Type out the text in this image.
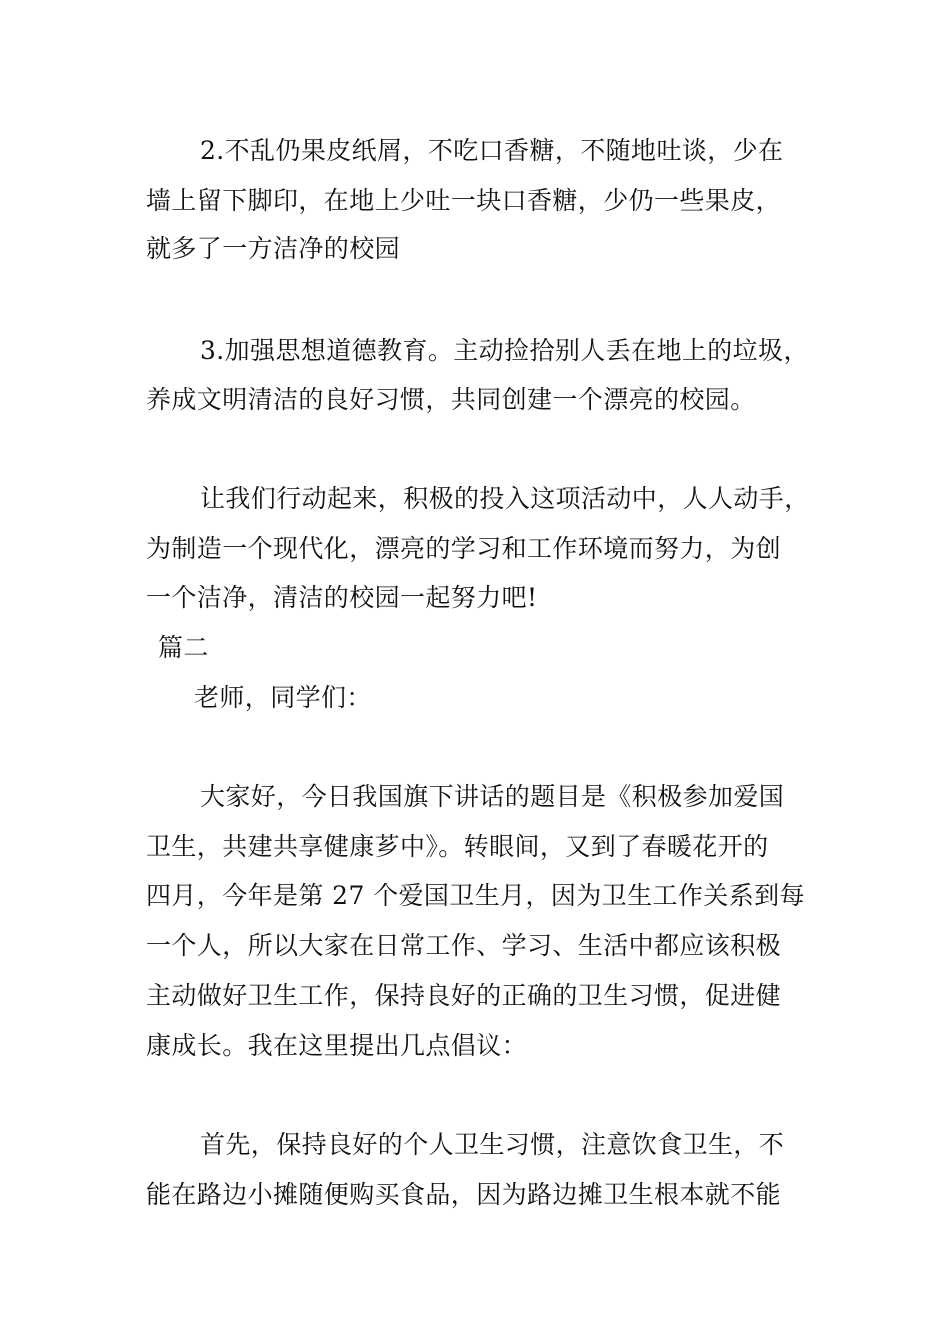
2.不乱仍果皮纸屑，不吃口香糖，不随地吐谈，少在
墙上留下脚印，在地上少吐一块口香糖，少仍一些果皮，
就多了一方洁净的校园
3.加强思想道德教育。主动捡拾别人丢在地上的垃圾，
养成文明清洁的良好习惯，共同创建一个漂亮的校园。
让我们行动起来，积极的投入这项活动中，人人动手，
为制造一个现代化，漂亮的学习和工作环境而努力，为创
一个洁净，清洁的校园一起努力吧!
篇二
老师，同学们：
大家好，今日我国旗下讲话的题目是《积极参加爱国
卫生，共建共享健康芗中》。转眼间，又到了春暖花开的
四月，今年是第 27 个爱国卫生月，因为卫生工作关系到每
一个人，所以大家在日常工作、学习、生活中都应该积极
主动做好卫生工作，保持良好的正确的卫生习惯，促进健
康成长。我在这里提出几点倡议：
首先，保持良好的个人卫生习惯，注意饮食卫生，不
能在路边小摊随便购买食品，因为路边摊卫生根本就不能
